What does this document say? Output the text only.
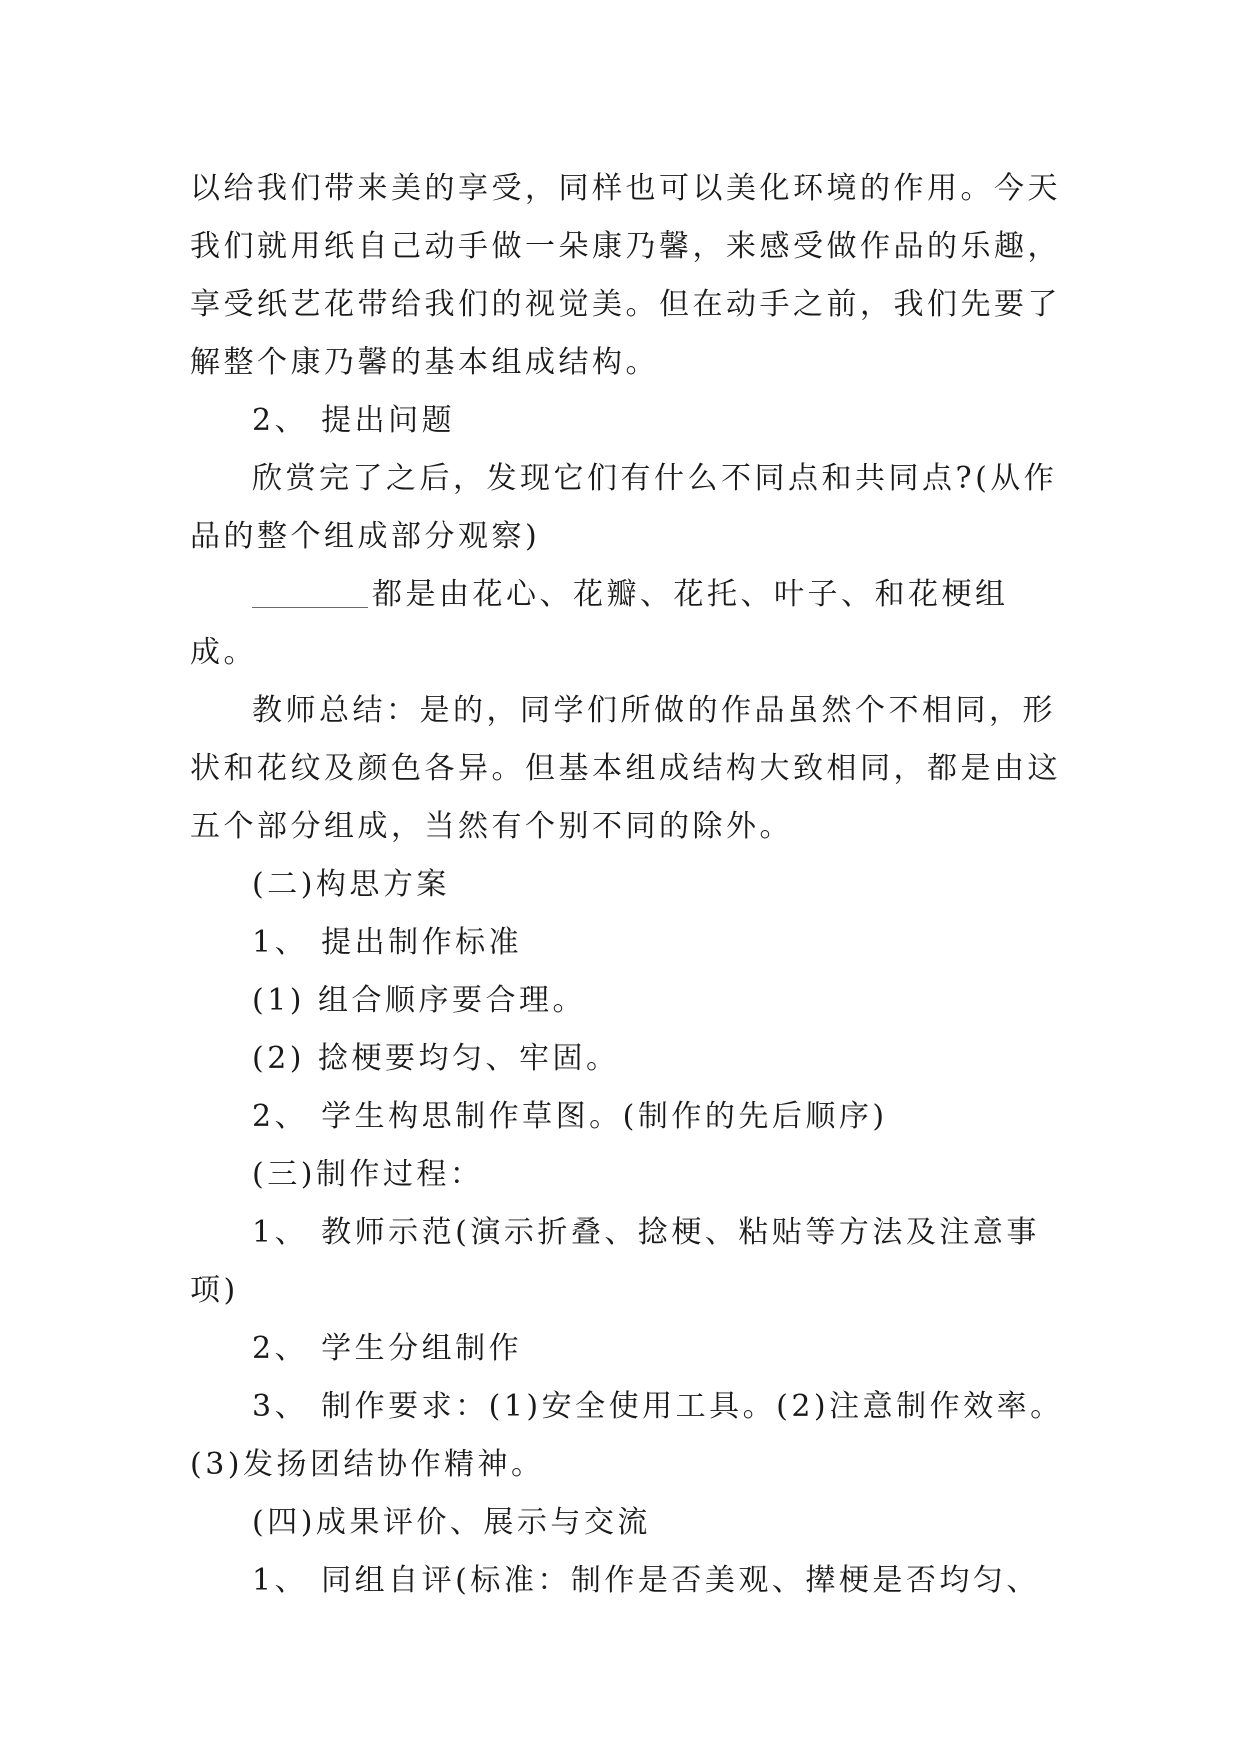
以给我们带来美的享受，同样也可以美化环境的作用。今天我们就用纸自己动手做一朵康乃馨，来感受做作品的乐趣，享受纸艺花带给我们的视觉美。但在动手之前，我们先要了解整个康乃馨的基本组成结构。

2、 提出问题

欣赏完了之后，发现它们有什么不同点和共同点?(从作品的整个组成部分观察)

都是由花心、花瓣、花托、叶子、和花梗组成。

教师总结：是的，同学们所做的作品虽然个不相同，形状和花纹及颜色各异。但基本组成结构大致相同，都是由这五个部分组成，当然有个别不同的除外。

(二)构思方案

1、 提出制作标准

(1) 组合顺序要合理。

(2) 捻梗要均匀、牢固。

2、 学生构思制作草图。(制作的先后顺序)

(三)制作过程：

1、 教师示范(演示折叠、捻梗、粘贴等方法及注意事项)

2、 学生分组制作

3、 制作要求：(1)安全使用工具。(2)注意制作效率。(3)发扬团结协作精神。

(四)成果评价、展示与交流

1、 同组自评(标准：制作是否美观、撵梗是否均匀、
